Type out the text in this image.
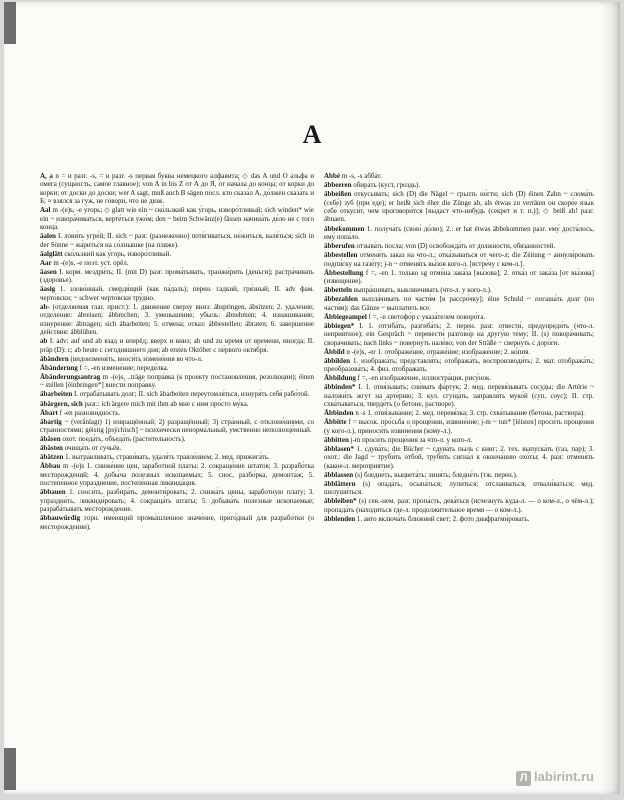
A

A, a n = и разг. -s, = и разг. -s первая буква немецкого алфавита; ◇ das A und O а́льфа и оме́га (сущность, самое главное); von A in bis Z от А до Я, от нача́ла до конца́; от корки до корки; от доски до доски; wer A sagt, muß auch B sägen посл. кто сказа́л А, до́лжен сказа́ть и Б; ≈ взялся за гуж, не говори, что не дюж.

Aal m -(e)s, -e у́горь; ◇ glatt wie ein ~ ско́льзкий как у́горь, изворо́тливый; sich winden* wie ein ~ извора́чиваться, верте́ться ужо́м; den ~ beim Schwänz(e) fässen начина́ть де́ло не с того конца́.

äalen I. лови́ть угре́й; II. sich ~ разг. (разнеженно) потя́гиваться, не́житься, валя́ться; sich in der Sönne ~ жа́риться на со́лнышке (на пляже).

äalglätt ско́льзкий как у́горь, изворо́тливый.

Aar m -(e)s, -e поэт. уст. орёл.

äasen I. корм. мездри́ть; II. (mit D) разг. прома́тывать, транжи́рить (деньги); растра́чивать (здоровье).

äasig 1. злово́нный, смердя́щий (как па́даль); перен. гадкий, гря́зный; II. adv фам. черто́вски; ~ schwer черто́вски тру́дно.

ab- (отделяемая глаг. прист.): 1. движение сверху вниз: ábspringen, ábsitzen; 2. удаление; отделение: ábreisen; ábbrechen; 3. уменьшение; убыль: ábnehmen; 4. изнашивание; изнурение: ábtragen; sich ábarbeiten; 5. отмена; отказ: ábbestellen; ábraten; 6. завершение действия: ábblühen.

ab I. adv: auf und ab взад и вперёд; вверх и вниз; ab und zu время от времени, иногда; II. präp (D): с; ab heute с сегодняшнего дня; ab ersten Oktöber с пе́рвого октября́.

äbändern (видоизменя́ть, вноси́ть измене́ния во что-л.

Äbänderung f =, -en измене́ние; переде́лка.

Äbänderungsantrag m -(e)s, ..träge попра́вка (к проекту постановления, резолюции); éinen ~ stéllen [éinbringen*] внести́ попра́вку.

äbarbeiten I. отраба́тывать долг; II. sich äbarbeiten переутомля́ться, изнуря́ть себя́ рабо́той.

äbärgern, sich разг.: ich ärgere mich mit ihm ab мне с ним про́сто му́ка.

Äbart f -en разнови́дность.

äbartig ~ (verä́nlagt) 1) извращённый; 2) разращённый; 3) стра́нный, с отклоне́ниями, со стра́нностями; géistig [psýchisch] ~ психи́чески ненорма́льный, умственно неполноце́нный.

äbäsen охот. поеда́ть, объеда́ть (растительность).

äbästen очища́ть от сучьёв.

äbätzen 1. вытра́вливать, страви́вать, удаля́ть травле́нием; 2. мед. прижига́ть.

Äbbau m -(e)s 1. сниже́ние цен, заработной платы; 2. сокраще́ние штатов; 3. разрабо́тка месторождений; 4. добы́ча полезных ископаемых; 5. снос, разбо́рка, демонта́ж; 5. постепе́нное упраздне́ние, постепе́нная ликвида́ция.

äbbauen 1. сноси́ть, разбира́ть, демонти́ровать; 2. снижа́ть цены, заработную плату; 3. упраздня́ть, ликвиди́ровать; 4. сокраща́ть штаты; 5. добыва́ть полезные ископаемые; разраба́тывать месторождение.

äbbauwürdig горн. име́ющий промы́шленное значе́ние, приго́дный для разрабо́тки (о месторождении).

Abbé m -s, -s абба́т.

äbbeeren обира́ть (куст, гроздь).

äbbeißen откусывать; sich (D) die Nägel ~ грызть но́гти; sich (D) éinen Zahn ~ слома́ть (себе́) зуб (при еде); er beißt sich éher die Zünge ab, als étwas zu verräten он скоре́е язы́к себе́ откуси́т, чем проговори́тся [вы́даст что-нибудь (секрет и т. п.)]; ◇ beiß ab! разг. ábnaеn.

äbbekommen 1. получа́ть (свою́ до́лю); 2.: er hat étwas äbbekommen разг. ему́ доста́лось, ему́ попа́ло.

äbberufen отзыва́ть посла; von (D) освобожда́ть от должности, обязанностей.

äbbestellen отменя́ть заказ на что-л.; отка́зываться от чего-л; die Zéitung ~ аннули́ровать подпи́ску на газе́ту; j-n ~ отменя́ть вы́зов кого-л. [встре́чу с кем-л.].

Äbbestellung f =, -en 1. только sg отме́на зака́за [вы́зова]; 2. отка́з от зака́за [от вы́зова] (извещение).

äbbetteln выпра́шивать, выклянчивать (что-л. у кого-л.).

äbbezahlen выпла́чивать по частя́м [в рассро́чку]; éine Schuld ~ погаша́ть долг (по частя́м); das Gänze ~ выплатить все.

Äbbiegeampel f =, -n светофо́р с указа́телем поворо́та.

äbbiegen* I. 1. отгиба́ть, разгиба́ть; 2. перен. разг. отвести́, предупреди́ть (что-л. неприятное); ein Gespräch ~ перевести́ разгово́р на другу́ю те́му; II. (s) повора́чивать; сворачивать; nach links ~ поверну́ть нале́во; von der Sträße ~ сверну́ть с доро́ги.

Äbbild n -(e)s, -er 1. отображе́ние, отраже́ние; изображе́ние; 2. ко́пия.

äbbilden 1. изобража́ть; представля́ть; отобража́ть, воспроизводи́ть; 2. мат. отобража́ть; преобразова́ть; 4. физ. отображать.

Äbbildung f =, -en изображе́ние, иллюстра́ция, рису́нок.

äbbinden* I. 1. отвя́зывать; сни́мать фа́ртук; 2. мед. перевя́зывать сосуды; die Artérie ~ наложи́ть жгут на арте́рию; 3. кул. сгуща́ть, заправля́ть муко́й (суп, соус); II. стр. схва́тываться, тверде́ть (о бетоне, растворе).

Äbbinden n -s 1. отвя́зывание; 2. мед. перевя́зка; 3. стр. схва́тывание (бетона, раствора).

Äbbitte f = высок. про́сьба о проще́нии, извине́ние; j-m ~ tun* [léisten] проси́ть проще́ния (у кого-л.), приноси́ть извине́ния (кому-л.).

äbbitten j-m проси́ть проще́ния за что-л. у кого-л.

äbblasen* 1. сдува́ть; die Bücher ~ сдува́ть пыль с книг; 2. тех. выпуска́ть (газ, пар); 3. охот.: die Jagd ~ труби́ть отбо́й, труби́ть сигна́л к оконча́нию охо́ты; 4. разг. отменя́ть (какое-л. мероприятие).

äbblassen (s) бледне́ть, выцвета́ть; линя́ть; бледне́ть (тж. перен.).

äbblättern (s) опада́ть, осыпа́ться; лупи́ться; отслаиваться, отвали́ваться; мед. шелуши́ться.

äbbleiben* (s) сев.-нем. разг. пропа́сть, дева́ться (исчезнуть куда-л. — о ком-л., о чём-л.); пропада́ть (находиться где-л. продолжительное время — о ком-л.).

äbblenden 1. авто включа́ть ближний свет; 2. фото диафрагми́ровать.

Л labirint.ru
